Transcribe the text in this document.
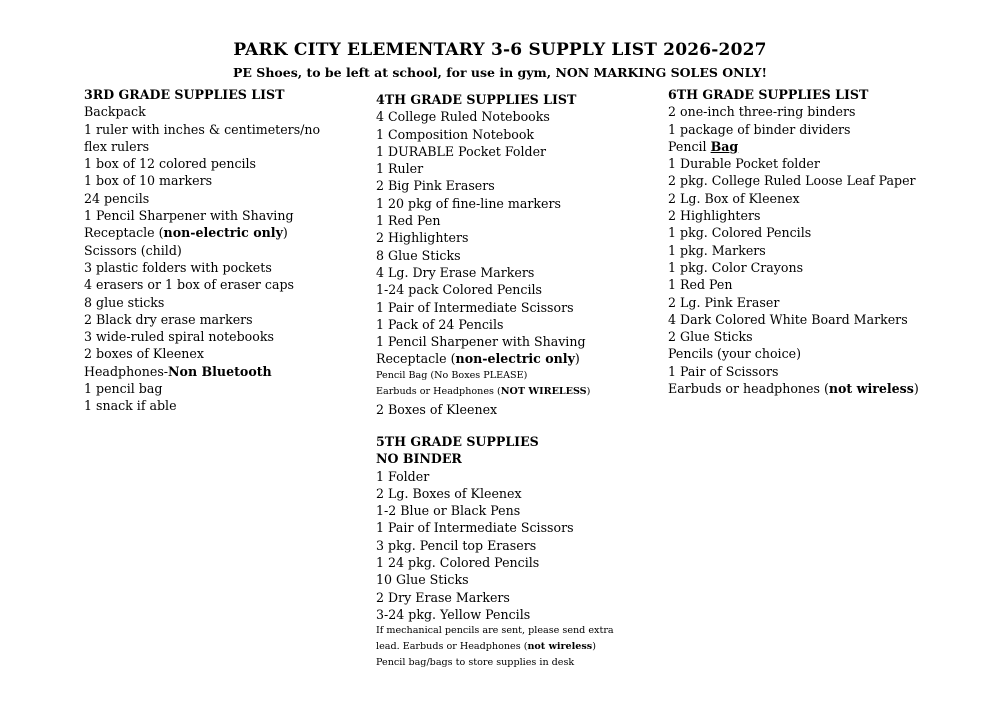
PARK CITY ELEMENTARY 3-6 SUPPLY LIST 2026-2027
PE Shoes, to be left at school, for use in gym, NON MARKING SOLES ONLY!
3RD GRADE SUPPLIES LIST
Backpack
1 ruler with inches & centimeters/no
flex rulers
1 box of 12 colored pencils
1 box of 10 markers
24 pencils
1 Pencil Sharpener with Shaving
Receptacle (non-electric only)
Scissors (child)
3 plastic folders with pockets
4 erasers or 1 box of eraser caps
8 glue sticks
2 Black dry erase markers
3 wide-ruled spiral notebooks
2 boxes of Kleenex
Headphones-Non Bluetooth
1 pencil bag
1 snack if able
4TH GRADE SUPPLIES LIST
4 College Ruled Notebooks
1 Composition Notebook
1 DURABLE Pocket Folder
1 Ruler
2 Big Pink Erasers
1 20 pkg of fine-line markers
1 Red Pen
2 Highlighters
8 Glue Sticks
4 Lg. Dry Erase Markers
1-24 pack Colored Pencils
1 Pair of Intermediate Scissors
1 Pack of 24 Pencils
1 Pencil Sharpener with Shaving
Receptacle (non-electric only)
Pencil Bag (No Boxes PLEASE)
Earbuds or Headphones (NOT WIRELESS)
2 Boxes of Kleenex
5TH GRADE SUPPLIES
NO BINDER
1 Folder
2 Lg. Boxes of Kleenex
1-2 Blue or Black Pens
1 Pair of Intermediate Scissors
3 pkg. Pencil top Erasers
1 24 pkg. Colored Pencils
10 Glue Sticks
2 Dry Erase Markers
3-24 pkg. Yellow Pencils
If mechanical pencils are sent, please send extra
lead. Earbuds or Headphones (not wireless)
Pencil bag/bags to store supplies in desk
6TH GRADE SUPPLIES LIST
2 one-inch three-ring binders
1 package of binder dividers
Pencil Bag
1 Durable Pocket folder
2 pkg. College Ruled Loose Leaf Paper
2 Lg. Box of Kleenex
2 Highlighters
1 pkg. Colored Pencils
1 pkg. Markers
1 pkg. Color Crayons
1 Red Pen
2 Lg. Pink Eraser
4 Dark Colored White Board Markers
2 Glue Sticks
Pencils (your choice)
1 Pair of Scissors
Earbuds or headphones (not wireless)
